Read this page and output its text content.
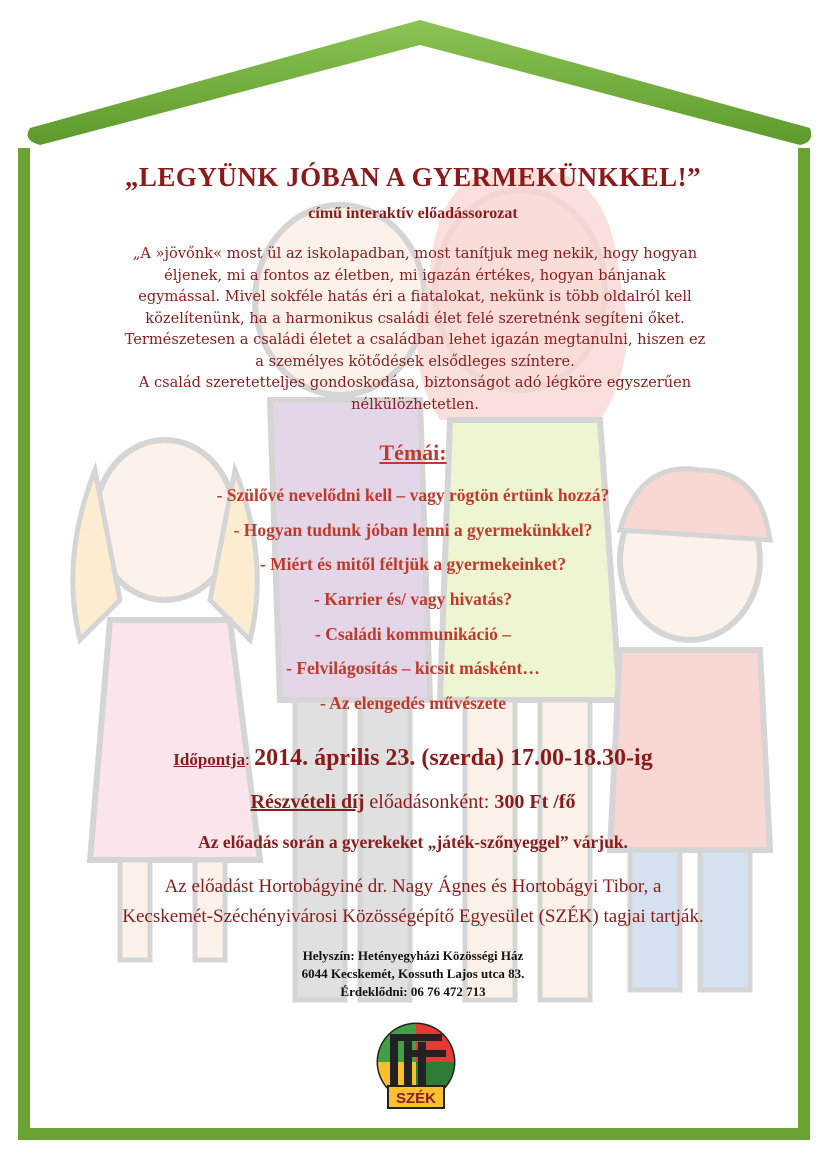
„LEGYÜNK JÓBAN A GYERMEKÜNKKEL!”
című interaktív előadássorozat
„A »jövőnk« most ül az iskolapadban, most tanítjuk meg nekik, hogy hogyan
éljenek, mi a fontos az életben, mi igazán értékes, hogyan bánjanak
egymással. Mivel sokféle hatás éri a fiatalokat, nekünk is több oldalról kell
közelítenünk, ha a harmonikus családi élet felé szeretnénk segíteni őket.
Természetesen a családi életet a családban lehet igazán megtanulni, hiszen ez
a személyes kötődések elsődleges színtere.
A család szeretetteljes gondoskodása, biztonságot adó légköre egyszerűen
nélkülözhetetlen.
Témái:
- Szülővé nevelődni kell – vagy rögtön értünk hozzá?
- Hogyan tudunk jóban lenni a gyermekünkkel?
- Miért és mitől féltjük a gyermekeinket?
- Karrier és/ vagy hivatás?
- Családi kommunikáció –
- Felvilágosítás – kicsit másként…
- Az elengedés művészete
Időpontja: 2014. április 23. (szerda) 17.00-18.30-ig
Részvételi díj előadásonként: 300 Ft /fő
Az előadás során a gyerekeket „játék-szőnyeggel” várjuk.
Az előadást Hortobágyiné dr. Nagy Ágnes és Hortobágyi Tibor, a
Kecskemét-Széchényivárosi Közösségépítő Egyesület (SZÉK) tagjai tartják.
Helyszín: Hetényegyházi Közösségi Ház
6044 Kecskemét, Kossuth Lajos utca 83.
Érdeklődni: 06 76 472 713
SZÉK
